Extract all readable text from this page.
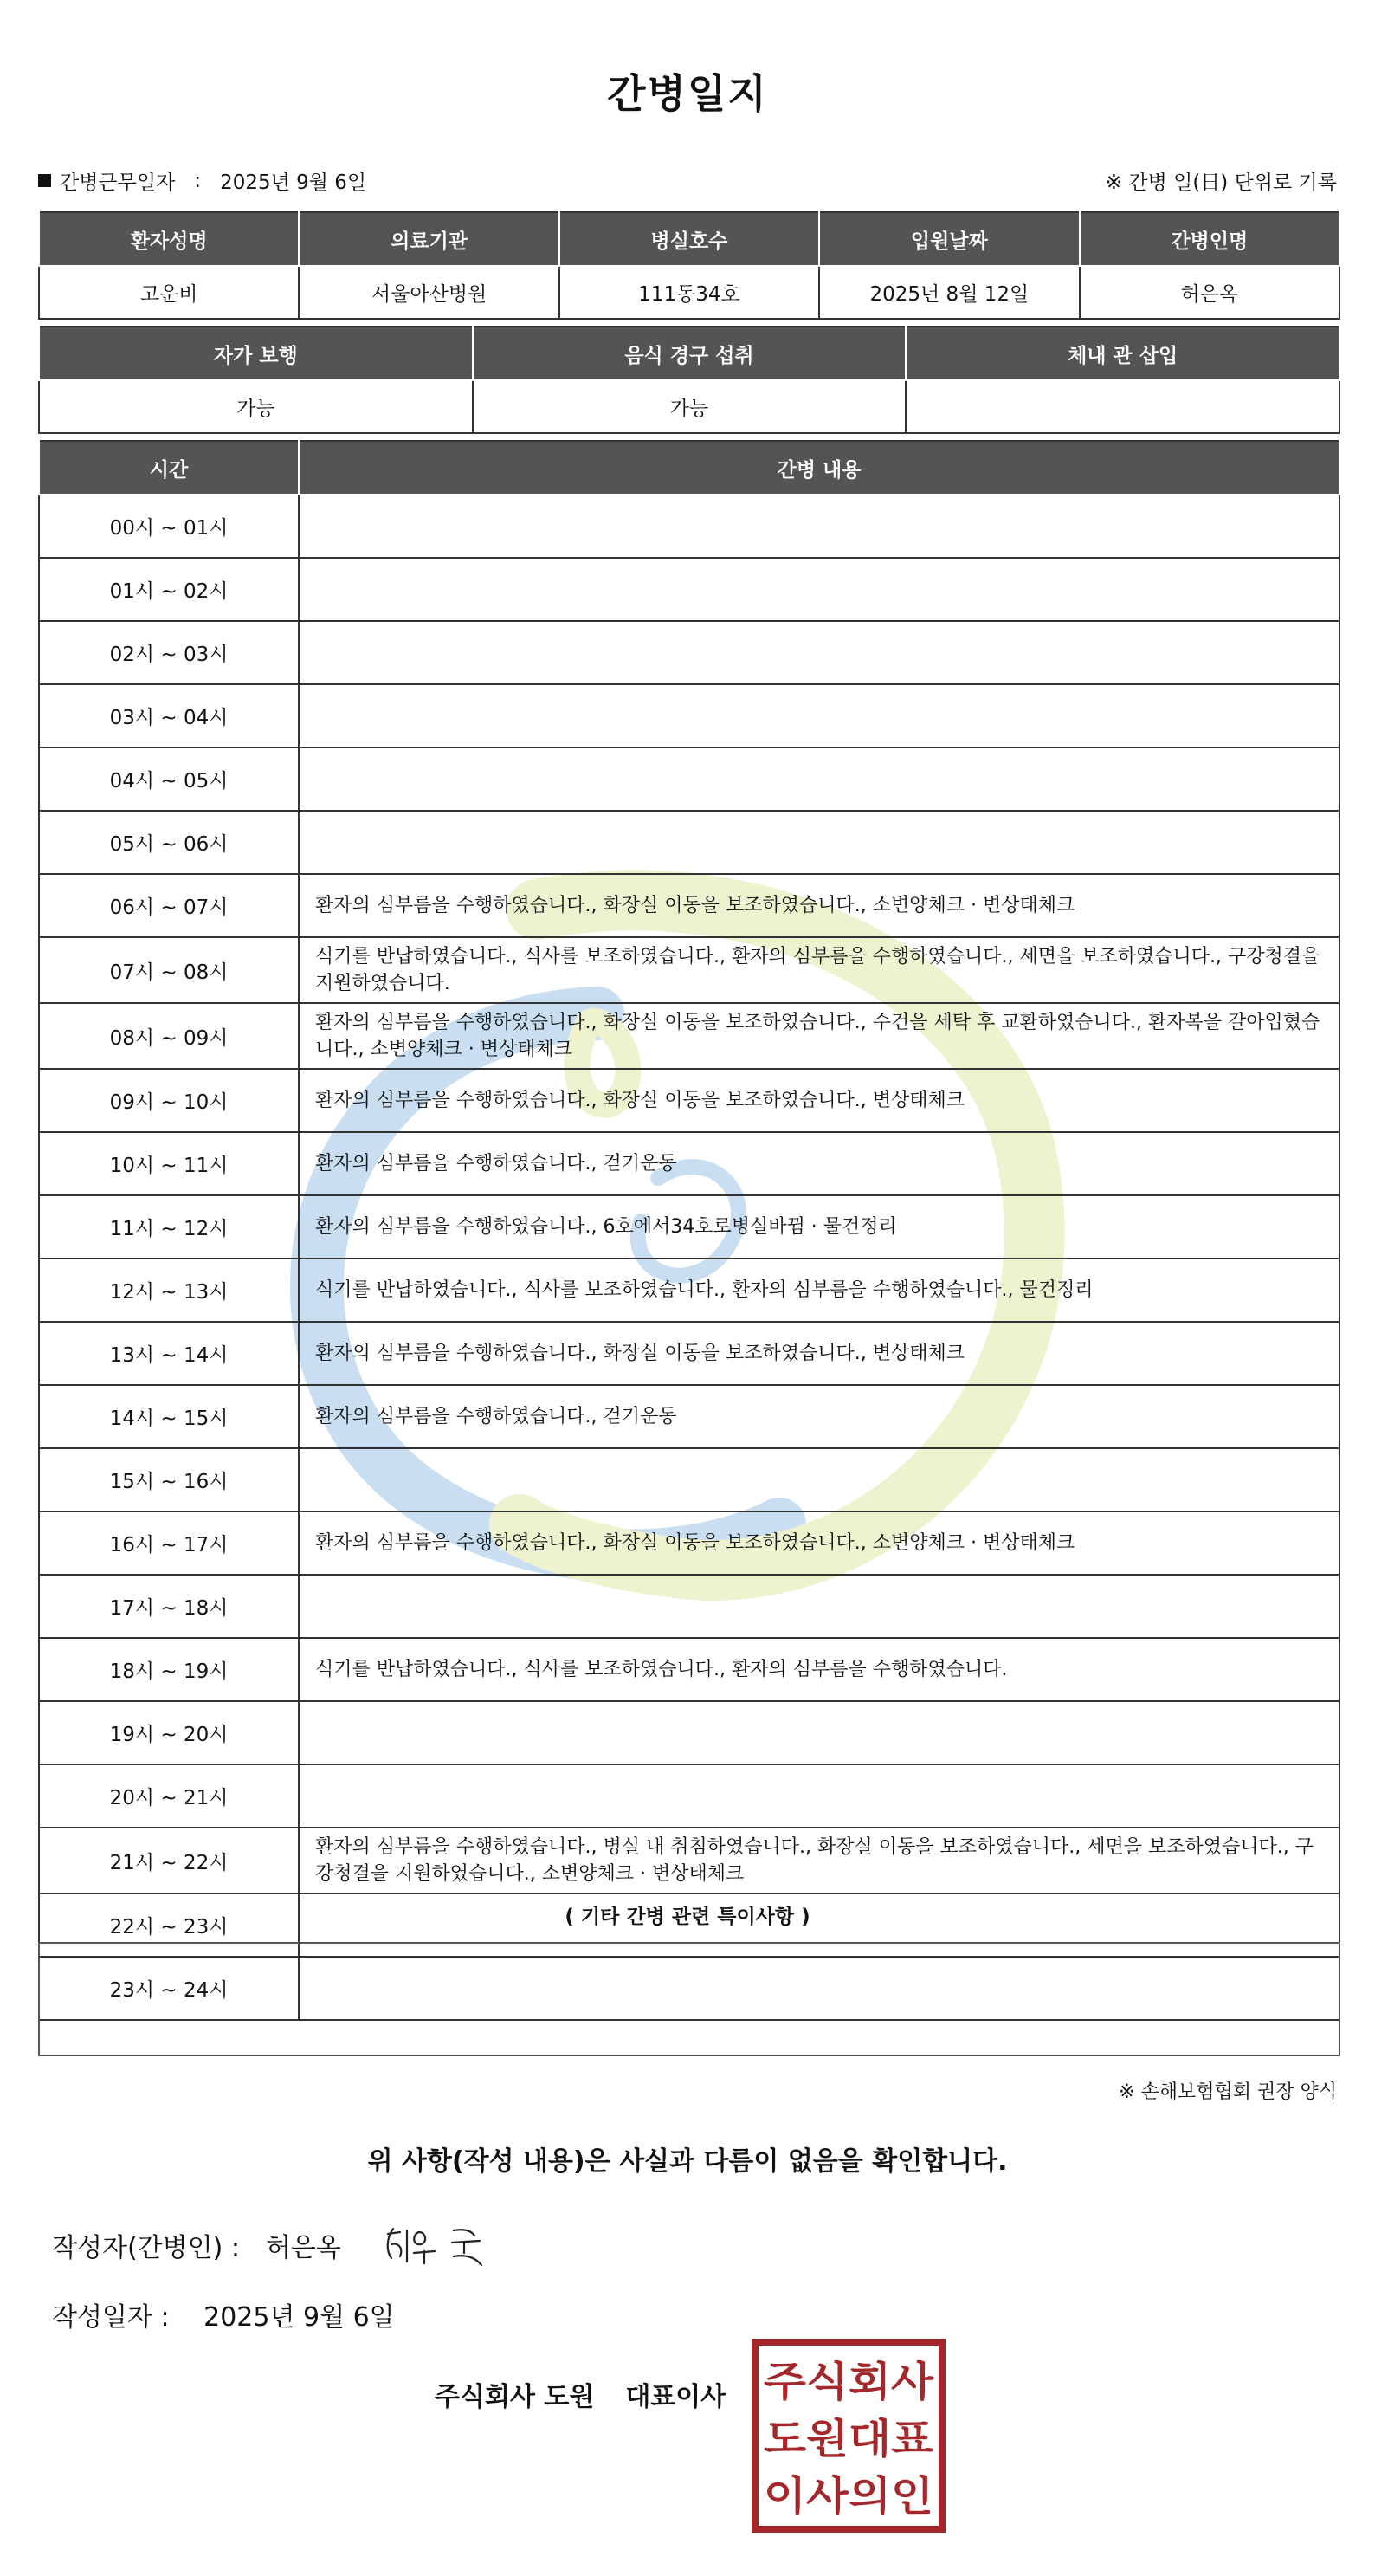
간병일지
간병근무일자 : 2025년 9월 6일	※ 간병 일(日) 단위로 기록
환자성명	의료기관	병실호수	입원날짜	간병인명
고운비	서울아산병원	111동34호	2025년 8월 12일	허은옥
자가 보행	음식 경구 섭취	체내 관 삽입
가능	가능	
시간	간병 내용
00시 ~ 01시	
01시 ~ 02시	
02시 ~ 03시	
03시 ~ 04시	
04시 ~ 05시	
05시 ~ 06시	
06시 ~ 07시	환자의 심부름을 수행하였습니다., 화장실 이동을 보조하였습니다., 소변양체크 · 변상태체크
07시 ~ 08시	식기를 반납하였습니다., 식사를 보조하였습니다., 환자의 심부름을 수행하였습니다., 세면을 보조하였습니다., 구강청결을 지원하였습니다.
08시 ~ 09시	환자의 심부름을 수행하였습니다., 화장실 이동을 보조하였습니다., 수건을 세탁 후 교환하였습니다., 환자복을 갈아입혔습니다., 소변양체크 · 변상태체크
09시 ~ 10시	환자의 심부름을 수행하였습니다., 화장실 이동을 보조하였습니다., 변상태체크
10시 ~ 11시	환자의 심부름을 수행하였습니다., 걷기운동
11시 ~ 12시	환자의 심부름을 수행하였습니다., 6호에서34호로병실바뀜 · 물건정리
12시 ~ 13시	식기를 반납하였습니다., 식사를 보조하였습니다., 환자의 심부름을 수행하였습니다., 물건정리
13시 ~ 14시	환자의 심부름을 수행하였습니다., 화장실 이동을 보조하였습니다., 변상태체크
14시 ~ 15시	환자의 심부름을 수행하였습니다., 걷기운동
15시 ~ 16시	
16시 ~ 17시	환자의 심부름을 수행하였습니다., 화장실 이동을 보조하였습니다., 소변양체크 · 변상태체크
17시 ~ 18시	
18시 ~ 19시	식기를 반납하였습니다., 식사를 보조하였습니다., 환자의 심부름을 수행하였습니다.
19시 ~ 20시	
20시 ~ 21시	
21시 ~ 22시	환자의 심부름을 수행하였습니다., 병실 내 취침하였습니다., 화장실 이동을 보조하였습니다., 세면을 보조하였습니다., 구강청결을 지원하였습니다., 소변양체크 · 변상태체크
22시 ~ 23시	
23시 ~ 24시	
( 기타 간병 관련 특이사항 )
※ 손해보험협회 권장 양식
위 사항(작성 내용)은 사실과 다름이 없음을 확인합니다.
작성자(간병인) : 허은옥
작성일자 : 2025년 9월 6일
주식회사 도원 대표이사 주식회사
도원대표
이사의인
